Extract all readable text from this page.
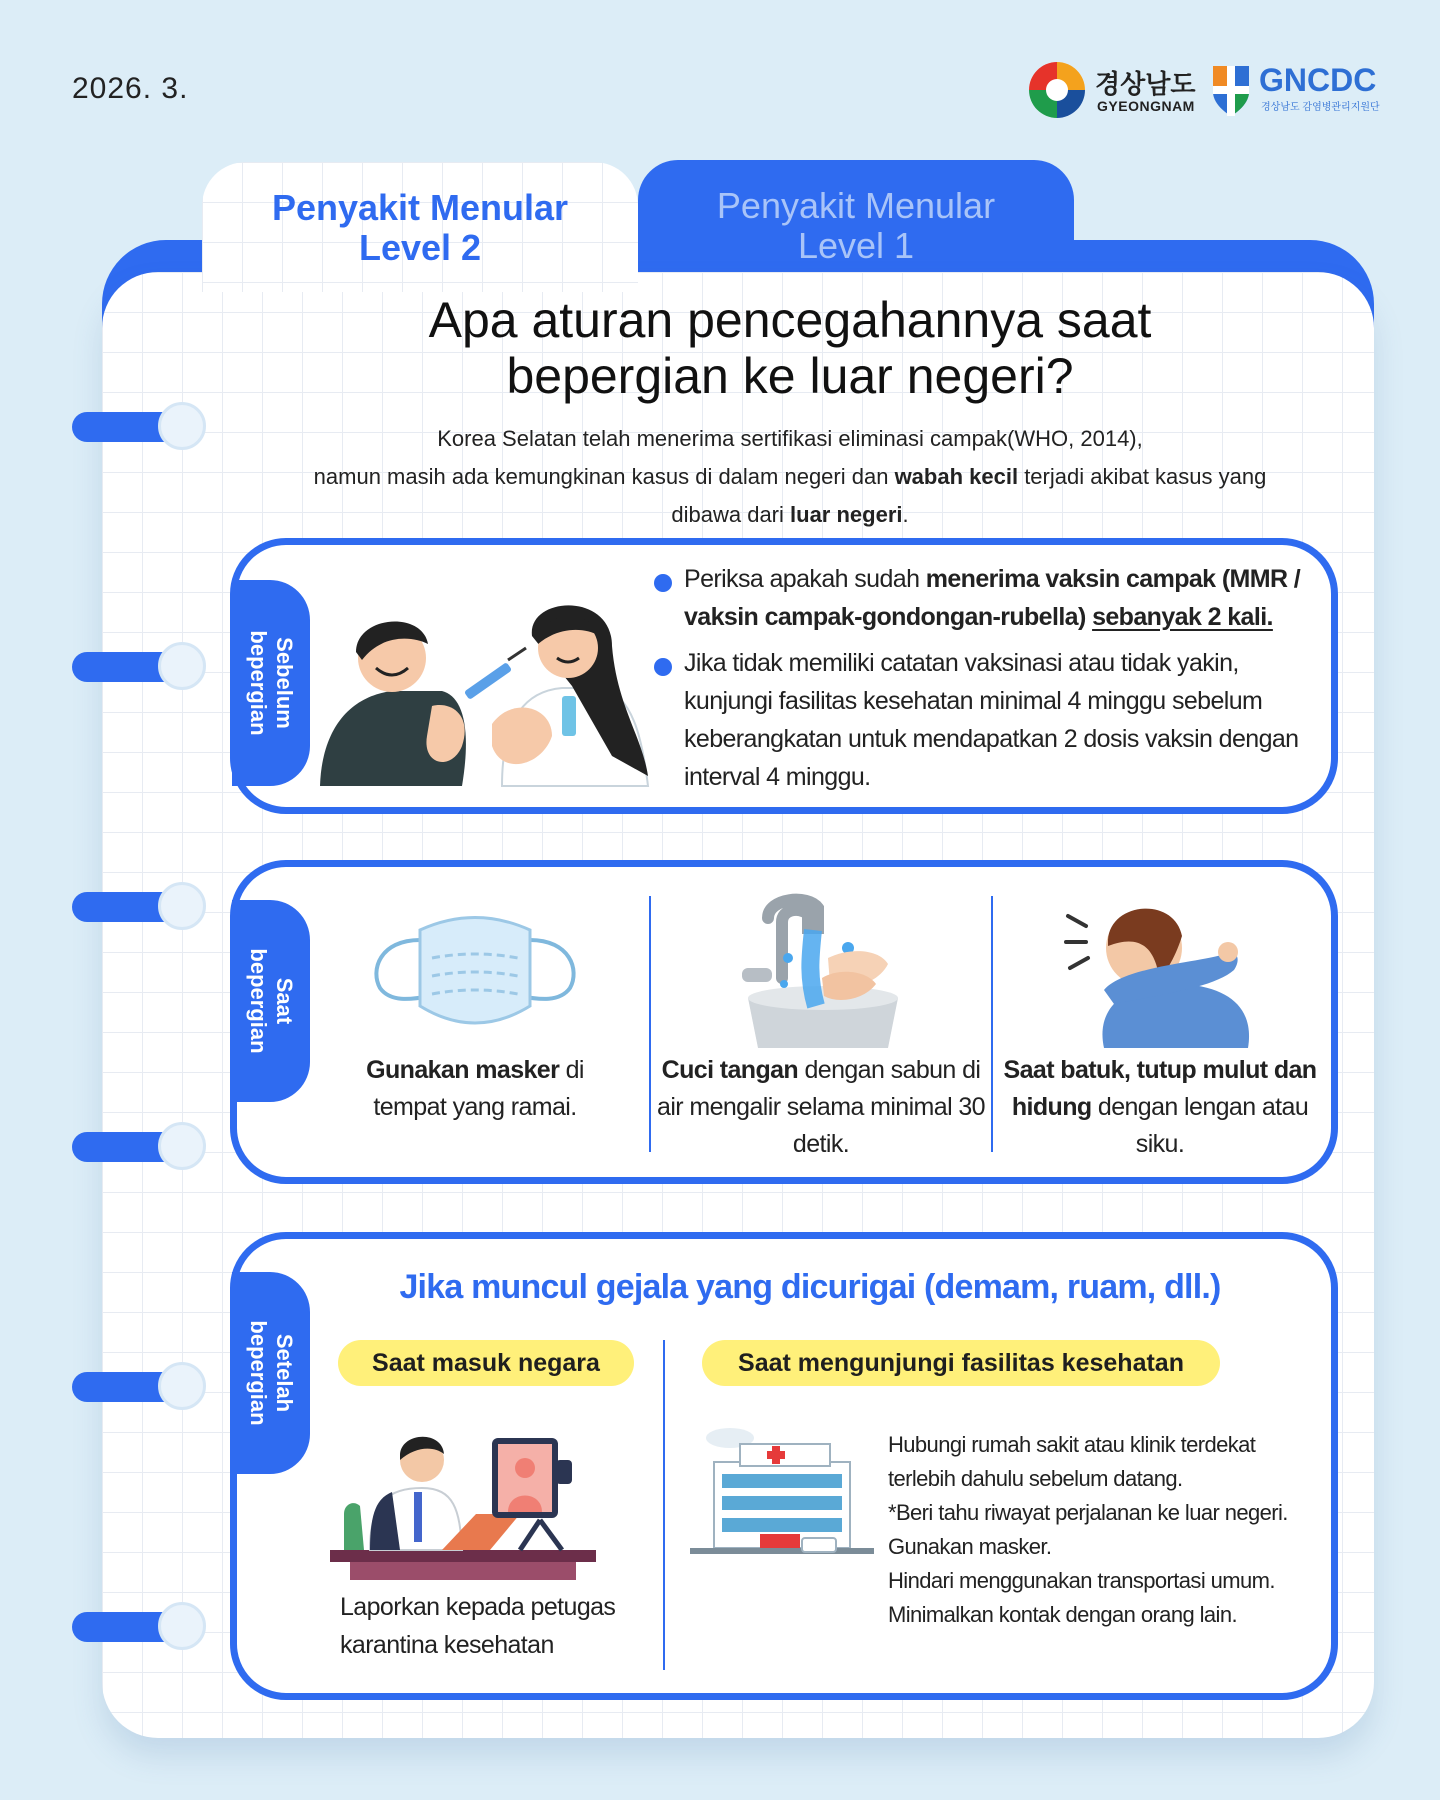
2026. 3.	경상남도
GYEONGNAM
GNCDC
경상남도 감염병관리지원단
Penyakit Menular
Level 1
Penyakit Menular
Level 2
Apa aturan pencegahannya saat
bepergian ke luar negeri?
Korea Selatan telah menerima sertifikasi eliminasi campak(WHO, 2014),
namun masih ada kemungkinan kasus di dalam negeri dan wabah kecil terjadi akibat kasus yang
dibawa dari luar negeri.
Sebelum
bepergian
Periksa apakah sudah menerima vaksin campak (MMR / vaksin campak-gondongan-rubella) sebanyak 2 kali.
Jika tidak memiliki catatan vaksinasi atau tidak yakin, kunjungi fasilitas kesehatan minimal 4 minggu sebelum keberangkatan untuk mendapatkan 2 dosis vaksin dengan interval 4 minggu.
Saat
bepergian
Gunakan masker di tempat yang ramai.
Cuci tangan dengan sabun di air mengalir selama minimal 30 detik.
Saat batuk, tutup mulut dan hidung dengan lengan atau siku.
Setelah
bepergian
Jika muncul gejala yang dicurigai (demam, ruam, dll.)
Saat masuk negara	Saat mengunjungi fasilitas kesehatan
Laporkan kepada petugas karantina kesehatan
Hubungi rumah sakit atau klinik terdekat terlebih dahulu sebelum datang.
*Beri tahu riwayat perjalanan ke luar negeri.
Gunakan masker.
Hindari menggunakan transportasi umum.
Minimalkan kontak dengan orang lain.
